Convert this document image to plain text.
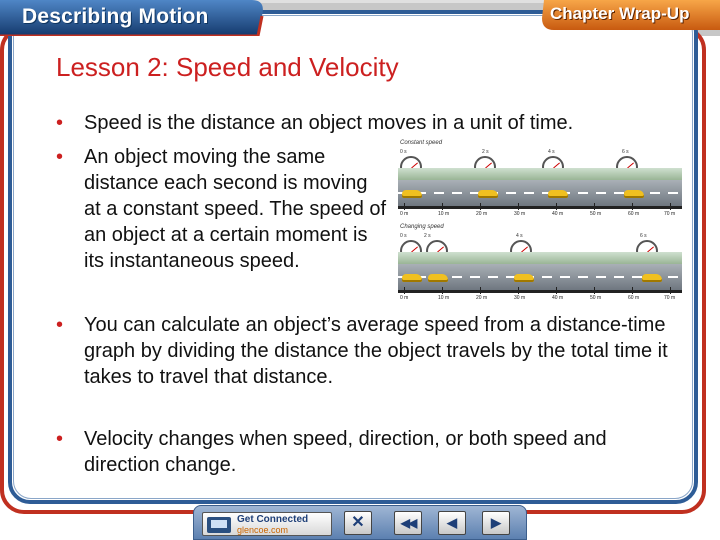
Describing Motion	Chapter Wrap-Up
Lesson 2: Speed and Velocity
• Speed is the distance an object moves in a unit of time.
• An object moving the same distance each second is moving at a constant speed. The speed of an object at a certain moment is its instantaneous speed.
• You can calculate an object’s average speed from a distance-time graph by dividing the distance the object travels by the total time it takes to travel that distance.
• Velocity changes when speed, direction, or both speed and direction change.
Constant speed
0 s	2 s	4 s	6 s
0 m	10 m	20 m	30 m	40 m	50 m	60 m	70 m
Changing speed
0 s	2 s	4 s	6 s
0 m	10 m	20 m	30 m	40 m	50 m	60 m	70 m
Get Connected
glencoe.com	✕	◀◀	◀	▶
